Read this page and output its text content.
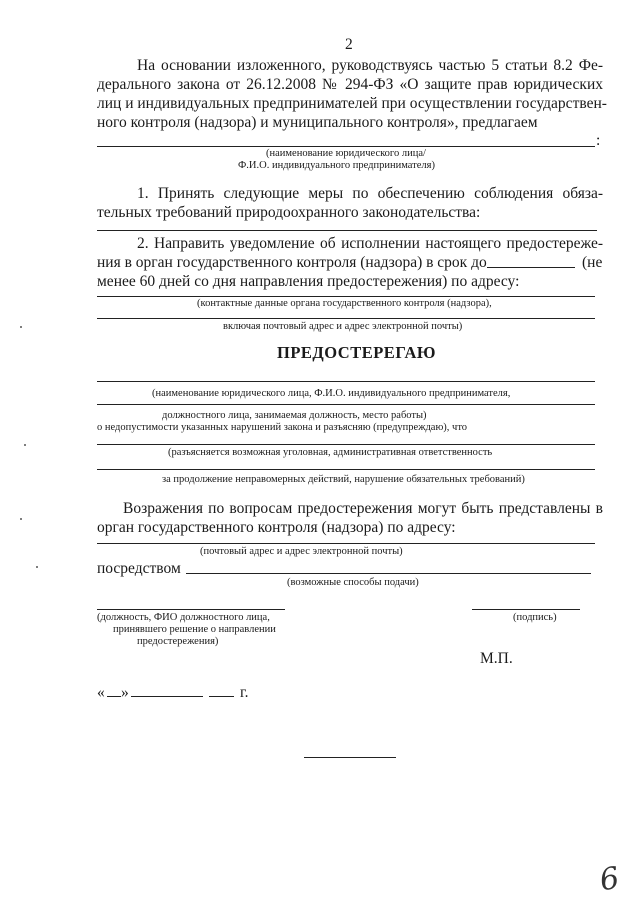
2
На основании изложенного, руководствуясь частью 5 статьи 8.2 Фе-
дерального закона от 26.12.2008 № 294-ФЗ «О защите прав юридических
лиц и индивидуальных предпринимателей при осуществлении государствен-
ного контроля (надзора) и муниципального контроля», предлагаем
:
(наименование юридического лица/
Ф.И.О. индивидуального предпринимателя)
1. Принять следующие меры по обеспечению соблюдения обяза-
тельных требований природоохранного законодательства:
2. Направить уведомление об исполнении настоящего предостереже-
ния в орган государственного контроля (надзора) в срок до	(не
менее 60 дней со дня направления предостережения) по адресу:
(контактные данные органа государственного контроля (надзора),
включая почтовый адрес и адрес электронной почты)
ПРЕДОСТЕРЕГАЮ
(наименование юридического лица, Ф.И.О. индивидуального предпринимателя,
должностного лица, занимаемая должность, место работы)
о недопустимости указанных нарушений закона и разъясняю (предупреждаю), что
(разъясняется возможная уголовная, административная ответственность
за продолжение неправомерных действий, нарушение обязательных требований)
Возражения по вопросам предостережения могут быть представлены в
орган государственного контроля (надзора) по адресу:
(почтовый адрес и адрес электронной почты)
посредством
(возможные способы подачи)
(должность, ФИО должностного лица,
принявшего решение о направлении
предостережения)
(подпись)
М.П.
« »	г.
6
